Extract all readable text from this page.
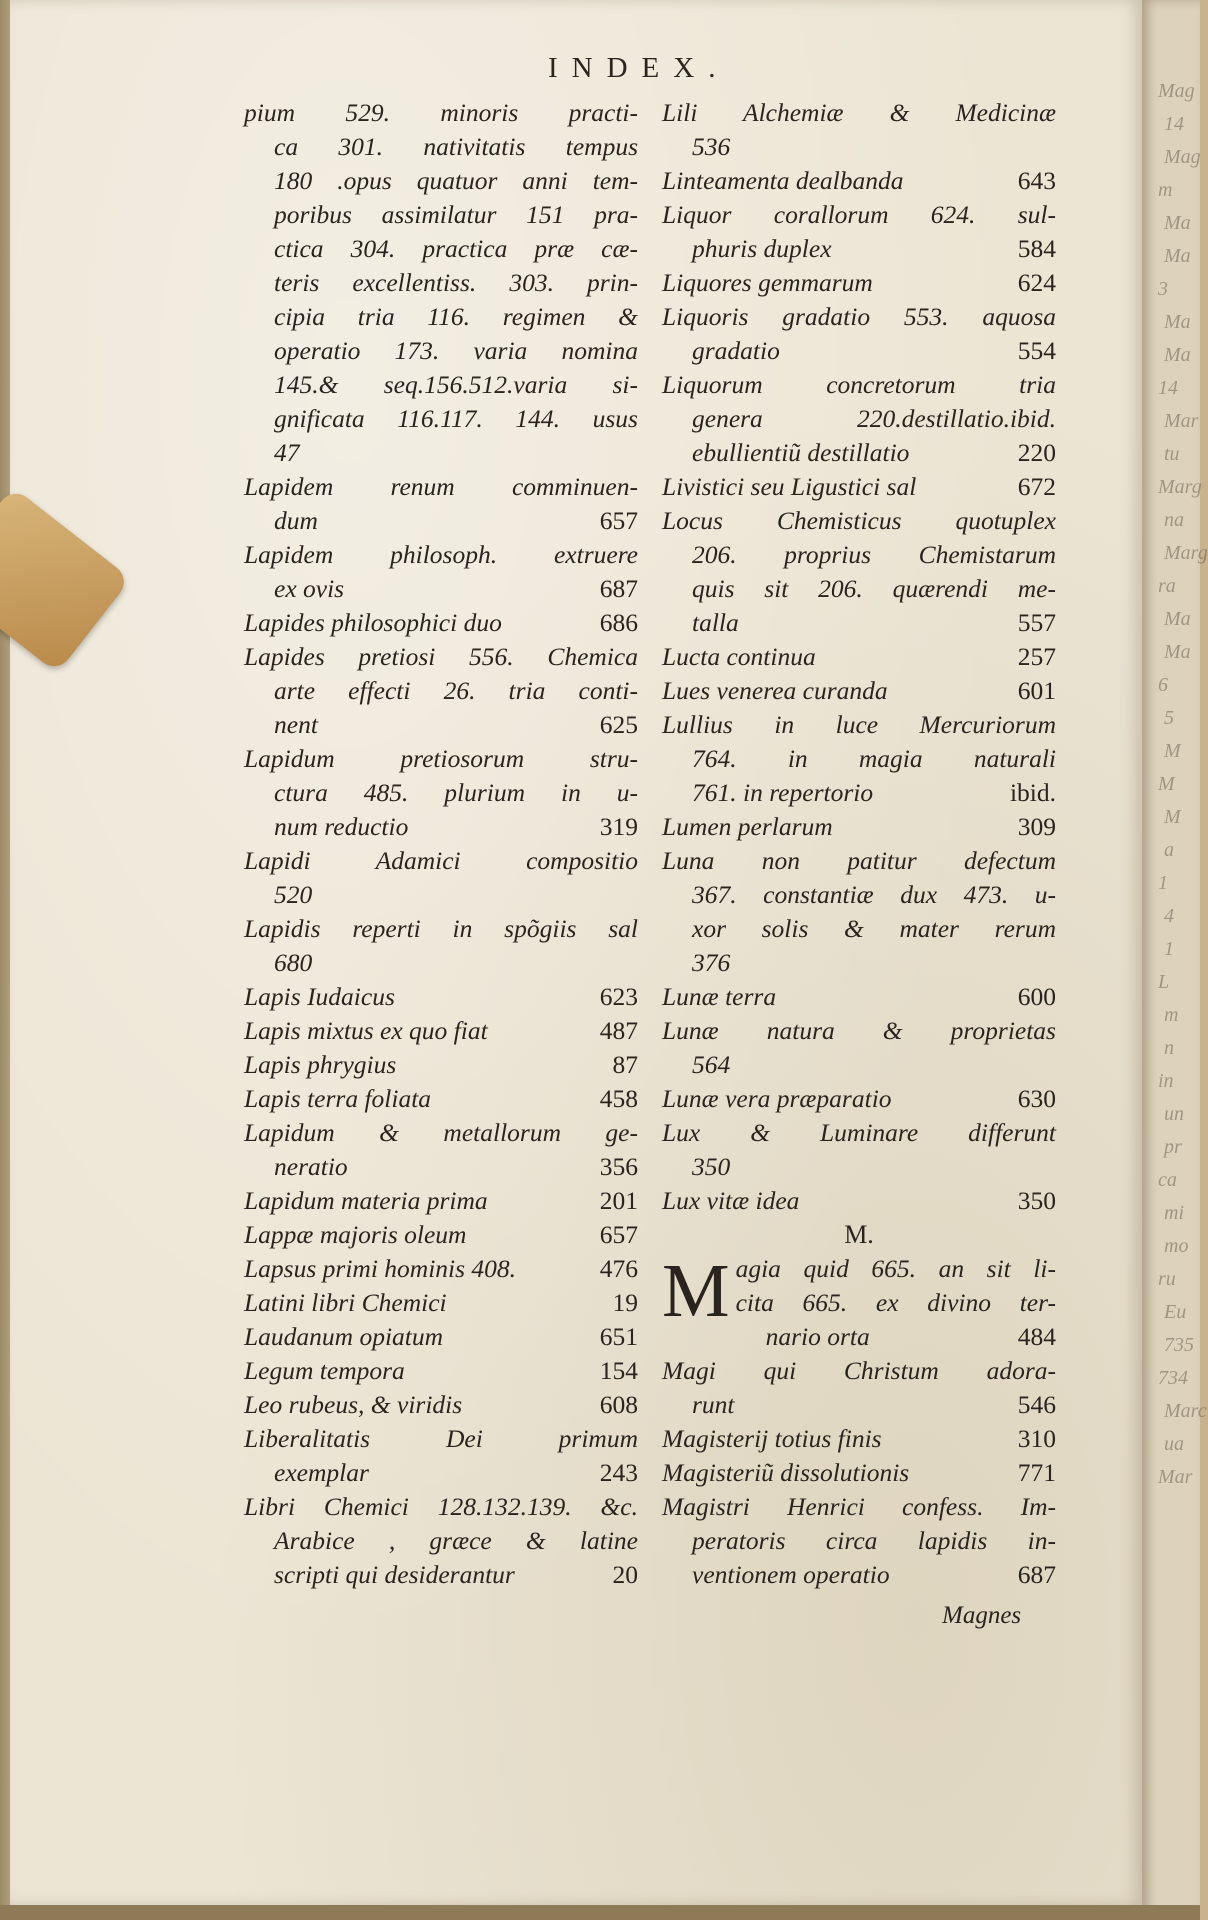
Mag
14
Mag
m
Ma
Ma
3
Ma
Ma
14
Mar
tu
Marg
na
Marg
ra
Ma
Ma
6
5
M
M
M
a
1
4
1
L
m
n
in
un
pr
ca
mi
mo
ru
Eu
735
734
Marc
ua
Mar
INDEX.
pium 529. minoris practi-
ca 301. nativitatis tempus
180 .opus quatuor anni tem-
poribus assimilatur 151 pra-
ctica 304. practica præ cæ-
teris excellentiss. 303. prin-
cipia tria 116. regimen &
operatio 173. varia nomina
145.& seq.156.512.varia si-
gnificata 116.117. 144. usus
47
Lapidem renum comminuen-
dum	657
Lapidem philosoph. extruere
ex ovis	687
Lapides philosophici duo	686
Lapides pretiosi 556. Chemica
arte effecti 26. tria conti-
nent	625
Lapidum pretiosorum stru-
ctura 485. plurium in u-
num reductio	319
Lapidi Adamici compositio
520
Lapidis reperti in spõgiis sal
680
Lapis Iudaicus	623
Lapis mixtus ex quo fiat	487
Lapis phrygius	87
Lapis terra foliata	458
Lapidum & metallorum ge-
neratio	356
Lapidum materia prima	201
Lappæ majoris oleum	657
Lapsus primi hominis 408.	476
Latini libri Chemici	19
Laudanum opiatum	651
Legum tempora	154
Leo rubeus, & viridis	608
Liberalitatis Dei primum
exemplar	243
Libri Chemici 128.132.139. &c.
Arabice , græce & latine
scripti qui desiderantur	20
Lili Alchemiæ & Medicinæ
536
Linteamenta dealbanda	643
Liquor corallorum 624. sul-
phuris duplex	584
Liquores gemmarum	624
Liquoris gradatio 553. aquosa
gradatio	554
Liquorum concretorum tria
genera 220.destillatio.ibid.
ebullientiũ destillatio	220
Livistici seu Ligustici sal	672
Locus Chemisticus quotuplex
206. proprius Chemistarum
quis sit 206. quærendi me-
talla	557
Lucta continua	257
Lues venerea curanda	601
Lullius in luce Mercuriorum
764. in magia naturali
761. in repertorio	ibid.
Lumen perlarum	309
Luna non patitur defectum
367. constantiæ dux 473. u-
xor solis & mater rerum
376
Lunæ terra	600
Lunæ natura & proprietas
564
Lunæ vera præparatio	630
Lux & Luminare differunt
350
Lux vitæ idea	350
M.
M agia quid 665. an sit li-
cita 665. ex divino ter-
nario orta	484
Magi qui Christum adora-
runt	546
Magisterij totius finis	310
Magisteriũ dissolutionis	771
Magistri Henrici confess. Im-
peratoris circa lapidis in-
ventionem operatio	687
Magnes
